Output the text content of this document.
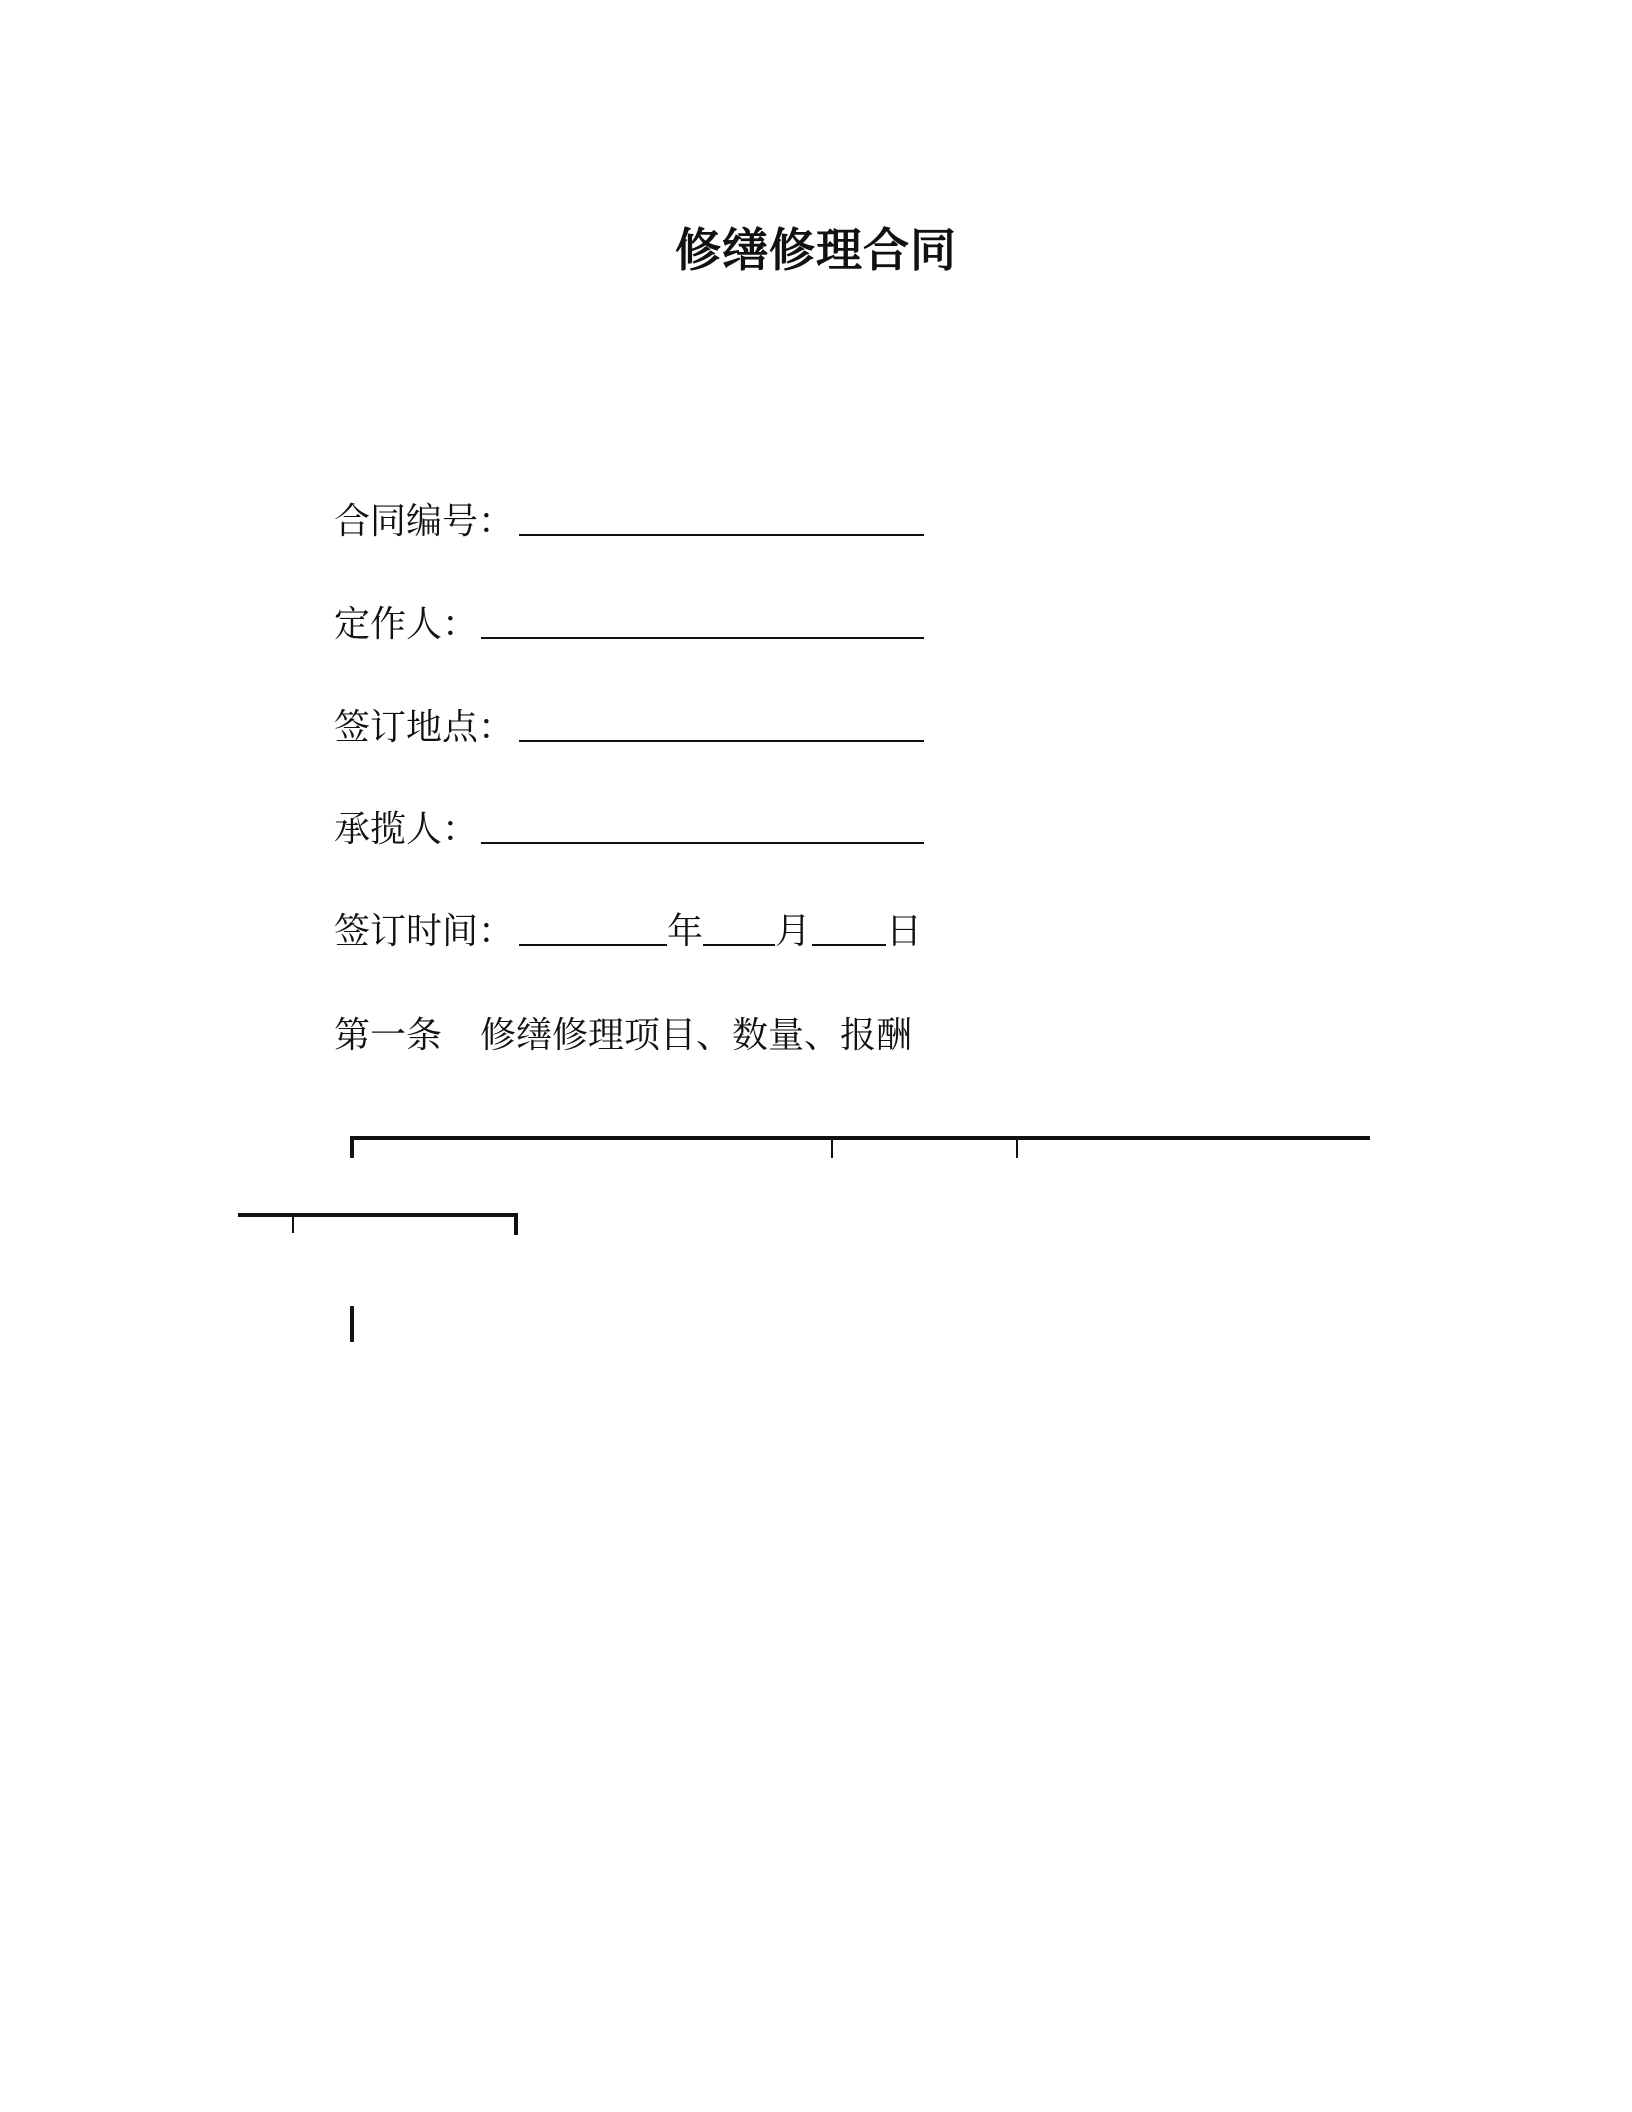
修缮修理合同
合同编号：
定作人：
签订地点：
承揽人：
签订时间：	年 月 日
第一条 修缮修理项目、数量、报酬
